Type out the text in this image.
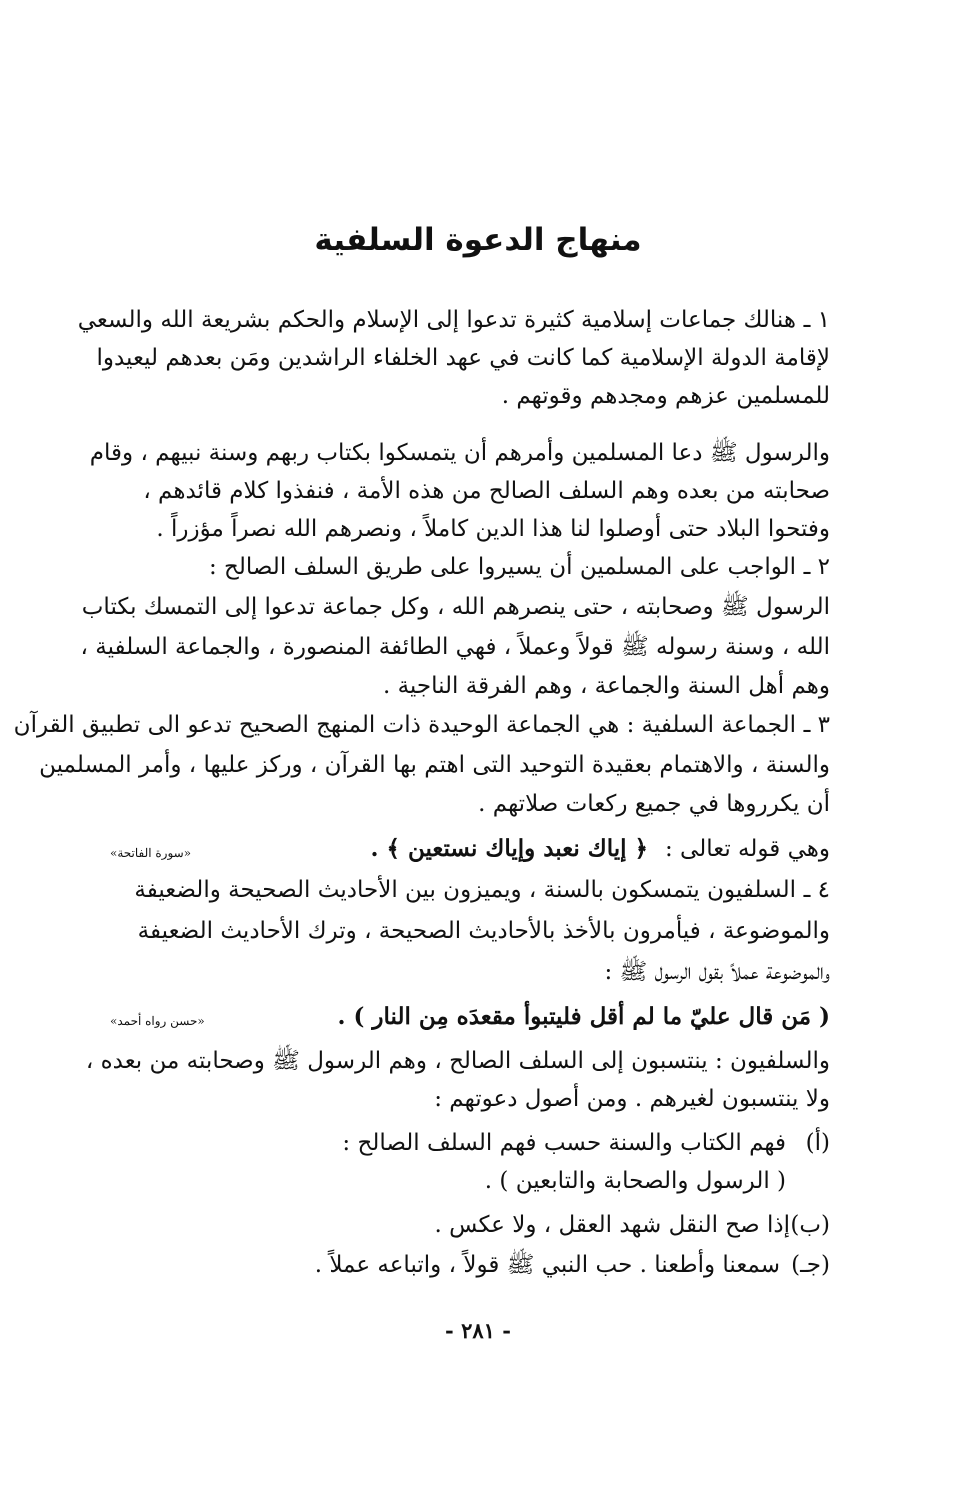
منهاج الدعوة السلفية
١ ـ
هنالك جماعات إسلامية كثيرة تدعوا إلى الإسلام والحكم بشريعة الله والسعي
لإقامة الدولة الإسلامية كما كانت في عهد الخلفاء الراشدين ومَن بعدهم ليعيدوا
للمسلمين عزهم ومجدهم وقوتهم .
والرسول ﷺ دعا المسلمين وأمرهم أن يتمسكوا بكتاب ربهم وسنة نبيهم ، وقام
صحابته من بعده وهم السلف الصالح من هذه الأمة ، فنفذوا كلام قائدهم ،
وفتحوا البلاد حتى أوصلوا لنا هذا الدين كاملاً ، ونصرهم الله نصراً مؤزراً .
٢ ـ
الواجب على المسلمين أن يسيروا على طريق السلف الصالح :
الرسول ﷺ وصحابته ، حتى ينصرهم الله ، وكل جماعة تدعوا إلى التمسك بكتاب
الله ، وسنة رسوله ﷺ قولاً وعملاً ، فهي الطائفة المنصورة ، والجماعة السلفية ،
وهم أهل السنة والجماعة ، وهم الفرقة الناجية .
٣ ـ
الجماعة السلفية : هي الجماعة الوحيدة ذات المنهج الصحيح تدعو الى تطبيق القرآن
والسنة ، والاهتمام بعقيدة التوحيد التى اهتم بها القرآن ، وركز عليها ، وأمر المسلمين
أن يكرروها في جميع ركعات صلاتهم .
وهي قوله تعالى :
﴿ إياك نعبد وإياك نستعين ﴾ .
«سورة الفاتحة»
٤ ـ
السلفيون يتمسكون بالسنة ، ويميزون بين الأحاديث الصحيحة والضعيفة
والموضوعة ، فيأمرون بالأخذ بالأحاديث الصحيحة ، وترك الأحاديث الضعيفة
والموضوعة عملاً بقول الرسول ﷺ :
( مَن قال عليّ ما لم أقل فليتبوأ مقعدَه مِن النار ) .
«حسن رواه أحمد»
والسلفيون : ينتسبون إلى السلف الصالح ، وهم الرسول ﷺ وصحابته من بعده ،
ولا ينتسبون لغيرهم . ومن أصول دعوتهم :
(أ)
فهم الكتاب والسنة حسب فهم السلف الصالح :
( الرسول والصحابة والتابعين ) .
(ب)
إذا صح النقل شهد العقل ، ولا عكس .
(جـ)
سمعنا وأطعنا . حب النبي ﷺ قولاً ، واتباعه عملاً .
- ٢٨١ -
